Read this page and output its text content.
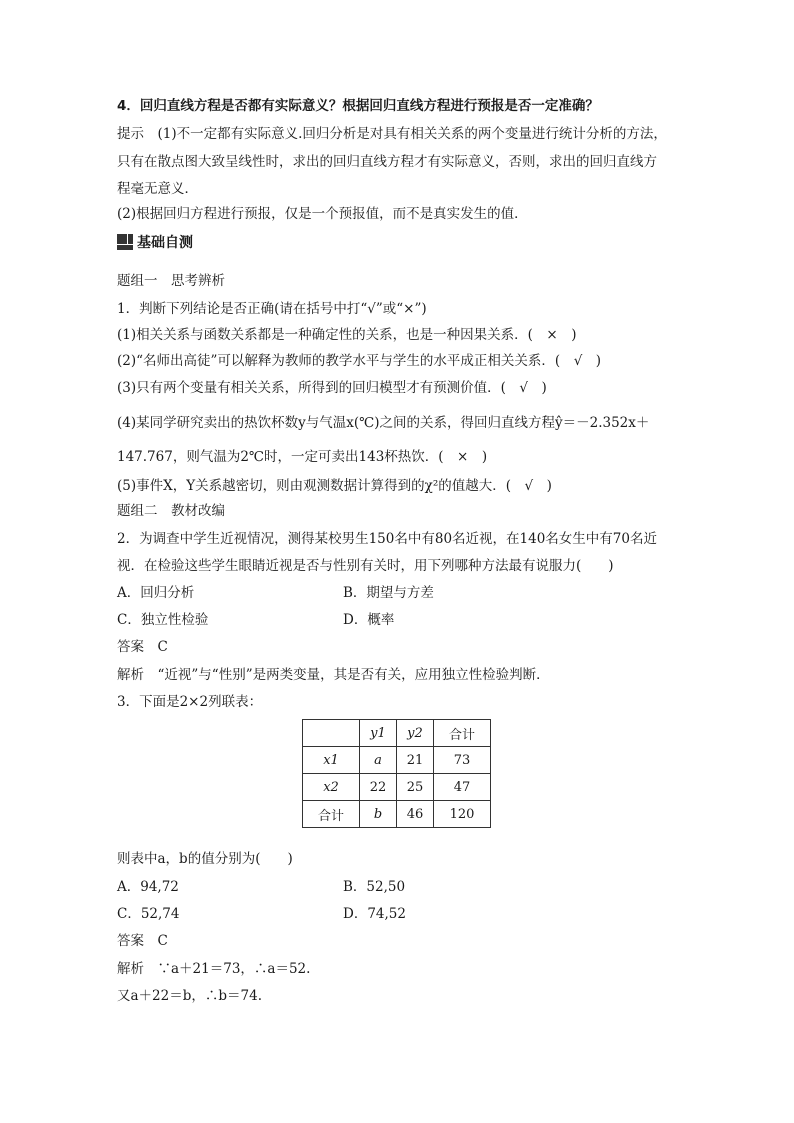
4．回归直线方程是否都有实际意义？根据回归直线方程进行预报是否一定准确？
提示　(1)不一定都有实际意义.回归分析是对具有相关关系的两个变量进行统计分析的方法，
只有在散点图大致呈线性时，求出的回归直线方程才有实际意义，否则，求出的回归直线方
程毫无意义．
(2)根据回归方程进行预报，仅是一个预报值，而不是真实发生的值．
基础自测
题组一　思考辨析
1．判断下列结论是否正确(请在括号中打“√”或“×”)
(1)相关关系与函数关系都是一种确定性的关系，也是一种因果关系．(　×　)
(2)“名师出高徒”可以解释为教师的教学水平与学生的水平成正相关关系．(　√　)
(3)只有两个变量有相关关系，所得到的回归模型才有预测价值．(　√　)
(4)某同学研究卖出的热饮杯数y与气温x(℃)之间的关系，得回归直线方程ŷ＝－2.352x＋
147.767，则气温为2℃时，一定可卖出143杯热饮．(　×　)
(5)事件X，Y关系越密切，则由观测数据计算得到的χ²的值越大．(　√　)
题组二　教材改编
2．为调查中学生近视情况，测得某校男生150名中有80名近视，在140名女生中有70名近
视．在检验这些学生眼睛近视是否与性别有关时，用下列哪种方法最有说服力(　　)
A．回归分析	B．期望与方差
C．独立性检验	D．概率
答案　C
解析　“近视”与“性别”是两类变量，其是否有关，应用独立性检验判断．
3．下面是2×2列联表：
	y1	y2	合计
x1	a	21	73
x2	22	25	47
合计	b	46	120
则表中a，b的值分别为(　　)
A．94,72	B．52,50
C．52,74	D．74,52
答案　C
解析　∵a＋21＝73，∴a＝52.
又a＋22＝b，∴b＝74.
